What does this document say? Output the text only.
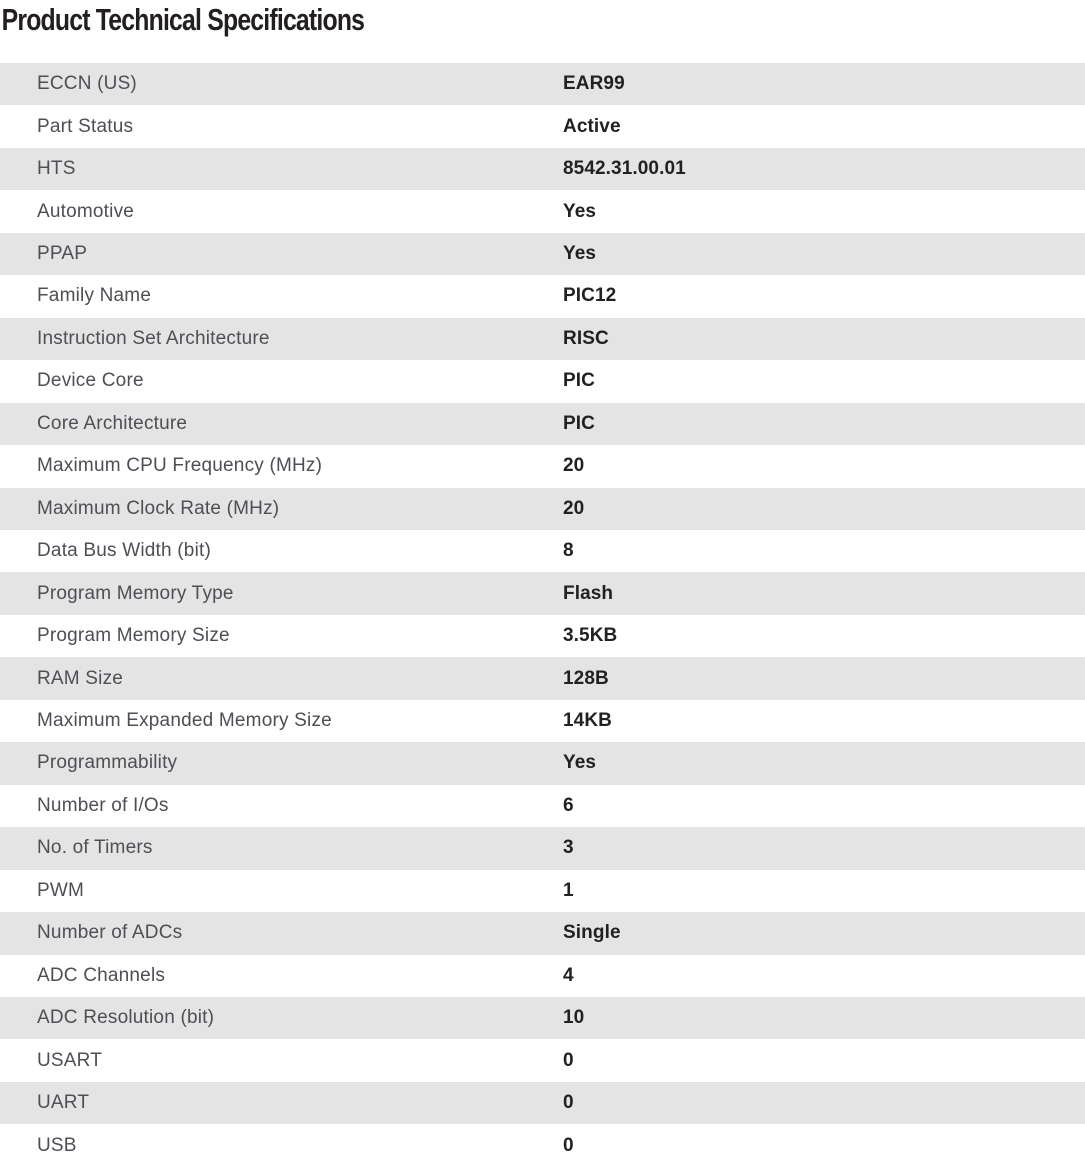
Product Technical Specifications
ECCN (US)	EAR99
Part Status	Active
HTS	8542.31.00.01
Automotive	Yes
PPAP	Yes
Family Name	PIC12
Instruction Set Architecture	RISC
Device Core	PIC
Core Architecture	PIC
Maximum CPU Frequency (MHz)	20
Maximum Clock Rate (MHz)	20
Data Bus Width (bit)	8
Program Memory Type	Flash
Program Memory Size	3.5KB
RAM Size	128B
Maximum Expanded Memory Size	14KB
Programmability	Yes
Number of I/Os	6
No. of Timers	3
PWM	1
Number of ADCs	Single
ADC Channels	4
ADC Resolution (bit)	10
USART	0
UART	0
USB	0
